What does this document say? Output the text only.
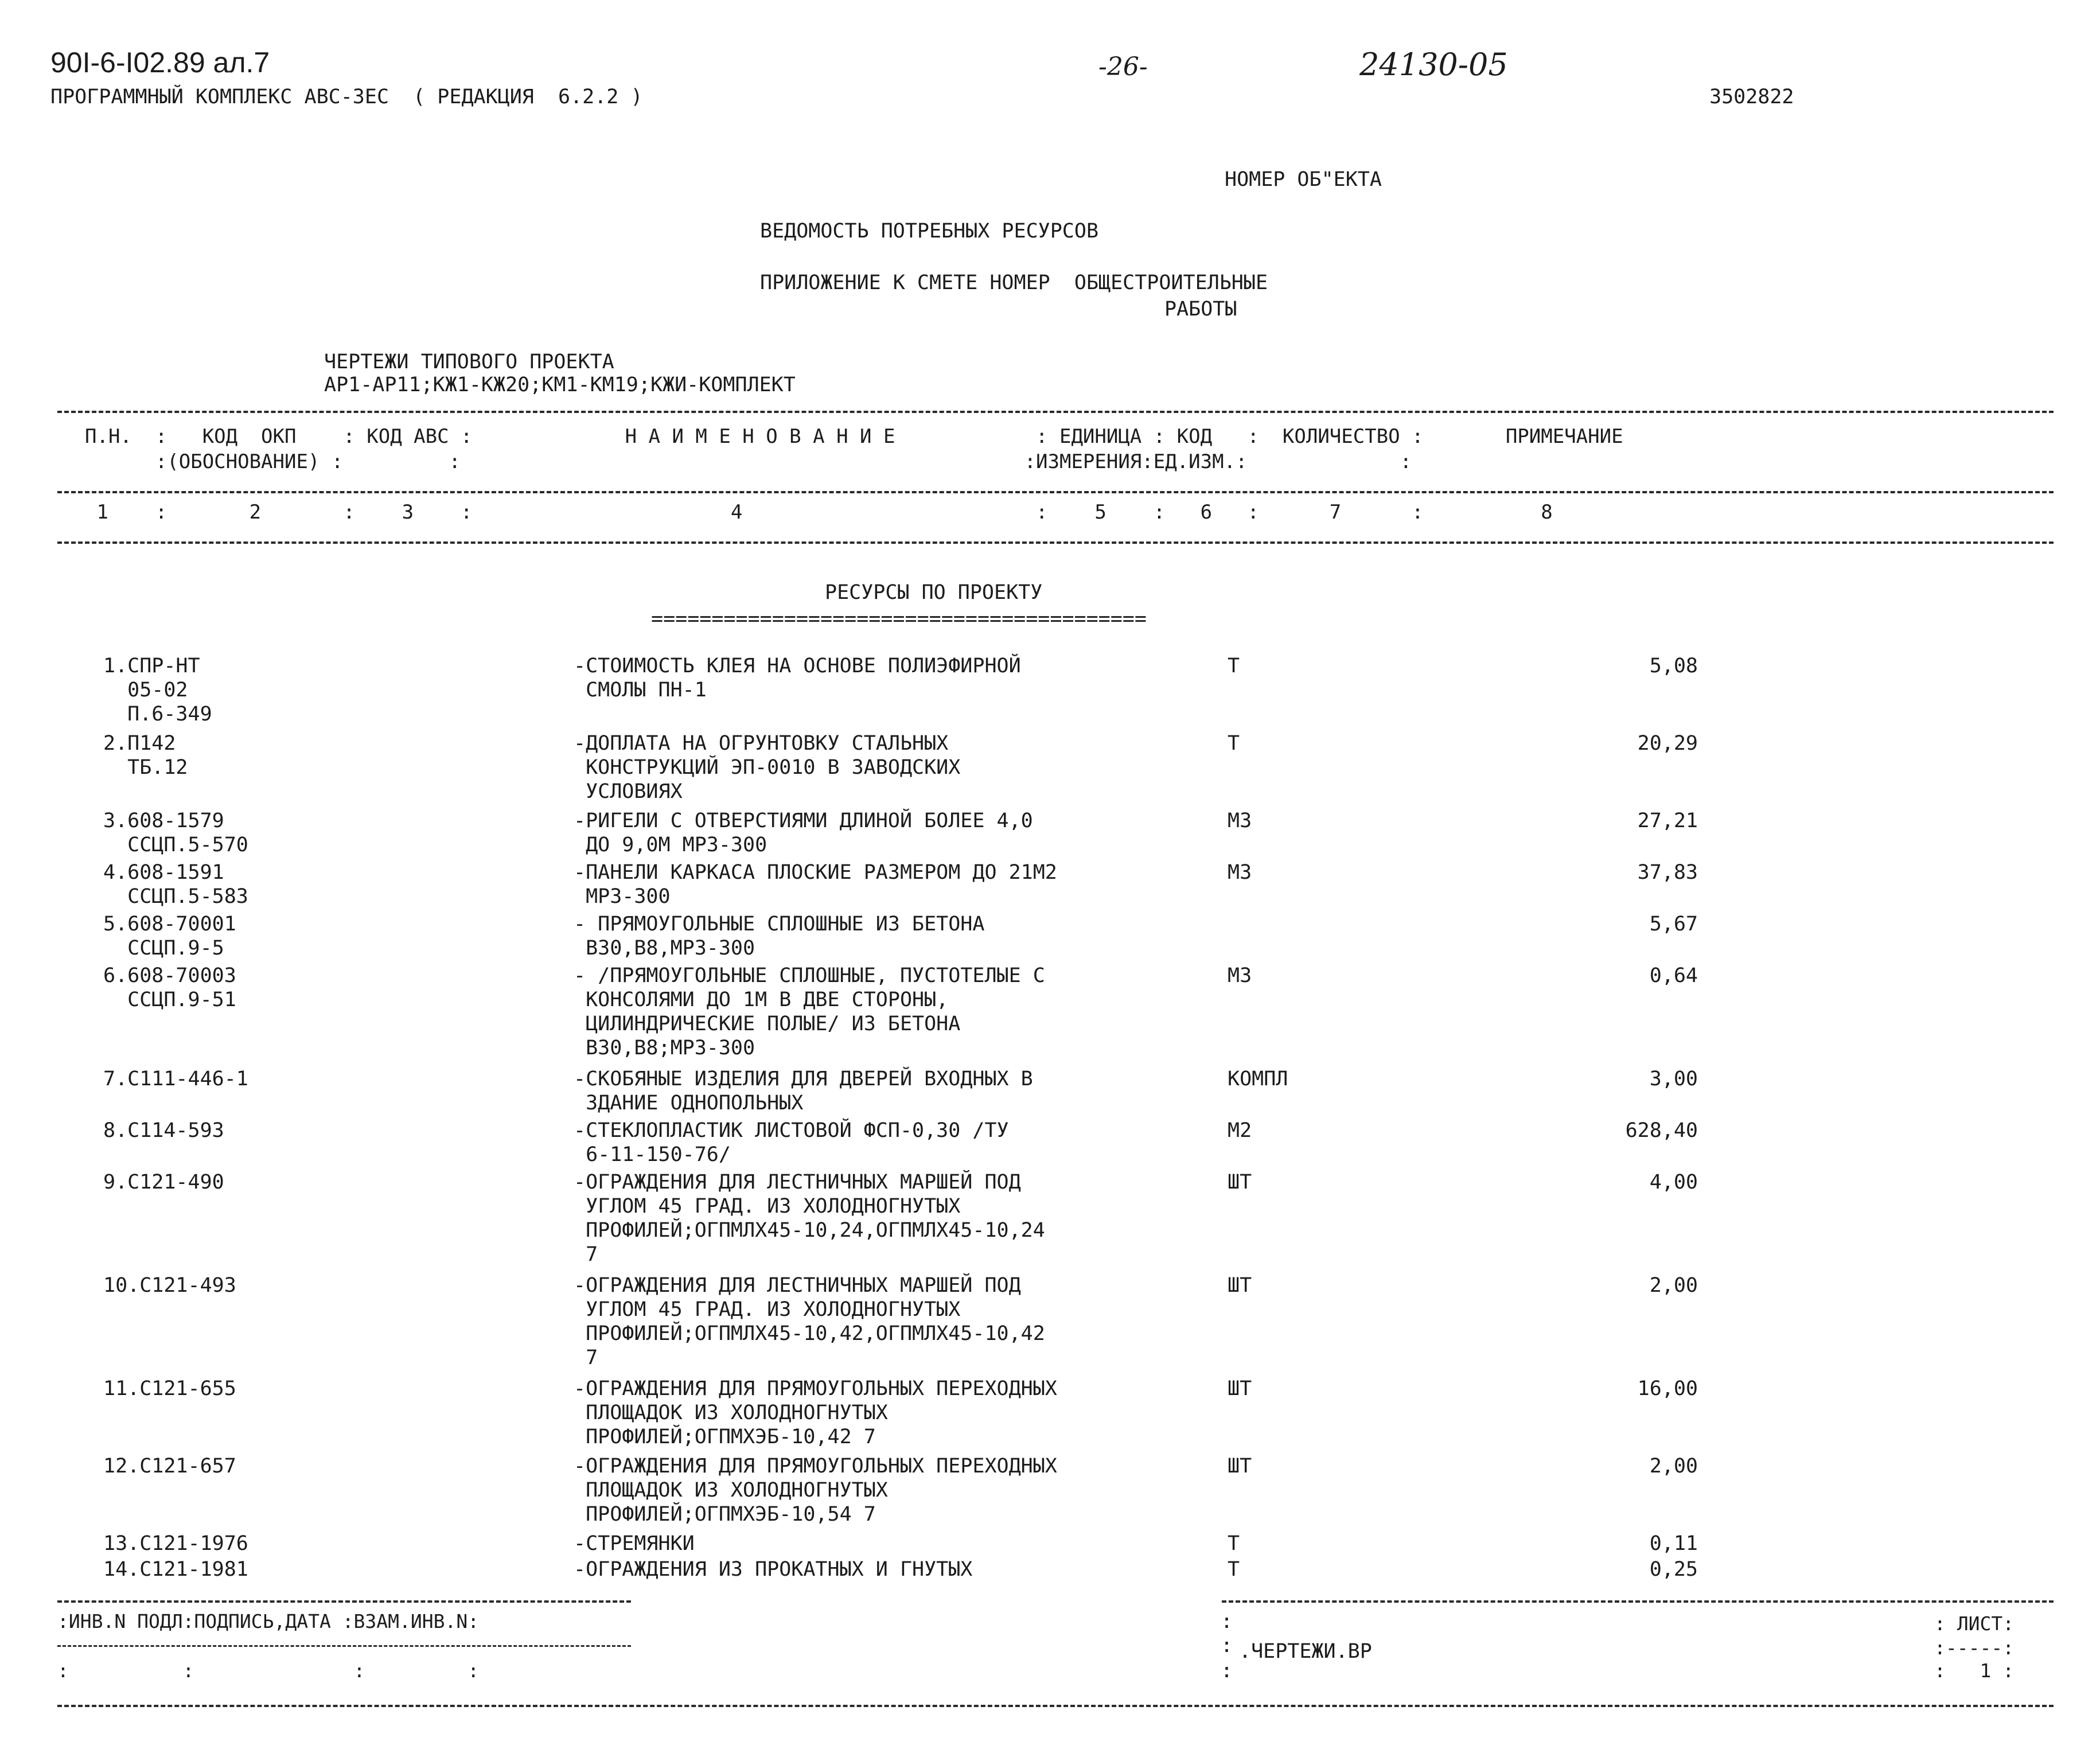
90I-6-I02.89 ал.7
ПРОГРАММНЫЙ КОМПЛЕКС АВС-ЗЕС  ( РЕДАКЦИЯ  6.2.2 )
-26-	24130-05
3502822
НОМЕР ОБ"ЕКТА
ВЕДОМОСТЬ ПОТРЕБНЫХ РЕСУРСОВ
ПРИЛОЖЕНИЕ К СМЕТЕ НОМЕР  ОБЩЕСТРОИТЕЛЬНЫЕ
РАБОТЫ
ЧЕРТЕЖИ ТИПОВОГО ПРОЕКТА
АР1-АР11;КЖ1-КЖ20;КМ1-КМ19;КЖИ-КОМПЛЕКТ
П.Н.  :   КОД  ОКП    : КОД АВС :             Н А И М Е Н О В А Н И Е            : ЕДИНИЦА : КОД   :  КОЛИЧЕСТВО :       ПРИМЕЧАНИЕ
:(ОБОСНОВАНИЕ) :         :                                                :ИЗМЕРЕНИЯ:ЕД.ИЗМ.:             :
1    :       2       :    3    :                      4                         :    5    :   6   :      7      :          8
РЕСУРСЫ ПО ПРОЕКТУ
=========================================
1.СПР-НТ
05-02
П.6-349
-СТОИМОСТЬ КЛЕЯ НА ОСНОВЕ ПОЛИЭФИРНОЙ
СМОЛЫ ПН-1
Т	5,08
2.П142
ТБ.12
-ДОПЛАТА НА ОГРУНТОВКУ СТАЛЬНЫХ
КОНСТРУКЦИЙ ЭП-0010 В ЗАВОДСКИХ
УСЛОВИЯХ
Т	20,29
3.608-1579
ССЦП.5-570
-РИГЕЛИ С ОТВЕРСТИЯМИ ДЛИНОЙ БОЛЕЕ 4,0
ДО 9,0М МРЗ-300
М3	27,21
4.608-1591
ССЦП.5-583
-ПАНЕЛИ КАРКАСА ПЛОСКИЕ РАЗМЕРОМ ДО 21М2
МРЗ-300
М3	37,83
5.608-70001
ССЦП.9-5
- ПРЯМОУГОЛЬНЫЕ СПЛОШНЫЕ ИЗ БЕТОНА
В30,В8,МРЗ-300
5,67
6.608-70003
ССЦП.9-51
- /ПРЯМОУГОЛЬНЫЕ СПЛОШНЫЕ, ПУСТОТЕЛЫЕ С
КОНСОЛЯМИ ДО 1М В ДВЕ СТОРОНЫ,
ЦИЛИНДРИЧЕСКИЕ ПОЛЫЕ/ ИЗ БЕТОНА
В30,В8;МРЗ-300
М3	0,64
7.С111-446-1	-СКОБЯНЫЕ ИЗДЕЛИЯ ДЛЯ ДВЕРЕЙ ВХОДНЫХ В
ЗДАНИЕ ОДНОПОЛЬНЫХ
КОМПЛ	3,00
8.С114-593	-СТЕКЛОПЛАСТИК ЛИСТОВОЙ ФСП-0,30 /ТУ
6-11-150-76/
М2	628,40
9.С121-490	-ОГРАЖДЕНИЯ ДЛЯ ЛЕСТНИЧНЫХ МАРШЕЙ ПОД
УГЛОМ 45 ГРАД. ИЗ ХОЛОДНОГНУТЫХ
ПРОФИЛЕЙ;ОГПМЛХ45-10,24,ОГПМЛХ45-10,24
7
ШТ	4,00
10.С121-493	-ОГРАЖДЕНИЯ ДЛЯ ЛЕСТНИЧНЫХ МАРШЕЙ ПОД
УГЛОМ 45 ГРАД. ИЗ ХОЛОДНОГНУТЫХ
ПРОФИЛЕЙ;ОГПМЛХ45-10,42,ОГПМЛХ45-10,42
7
ШТ	2,00
11.С121-655	-ОГРАЖДЕНИЯ ДЛЯ ПРЯМОУГОЛЬНЫХ ПЕРЕХОДНЫХ
ПЛОЩАДОК ИЗ ХОЛОДНОГНУТЫХ
ПРОФИЛЕЙ;ОГПМХЭБ-10,42 7
ШТ	16,00
12.С121-657	-ОГРАЖДЕНИЯ ДЛЯ ПРЯМОУГОЛЬНЫХ ПЕРЕХОДНЫХ
ПЛОЩАДОК ИЗ ХОЛОДНОГНУТЫХ
ПРОФИЛЕЙ;ОГПМХЭБ-10,54 7
ШТ	2,00
13.С121-1976	-СТРЕМЯНКИ	Т	0,11
14.С121-1981	-ОГРАЖДЕНИЯ ИЗ ПРОКАТНЫХ И ГНУТЫХ	Т	0,25
:ИНВ.N ПОДЛ:ПОДПИСЬ,ДАТА :ВЗАМ.ИНВ.N:
:          :              :         :
:
:
:
.ЧЕРТЕЖИ.ВР
: ЛИСТ:
:-----:
:   1 :
